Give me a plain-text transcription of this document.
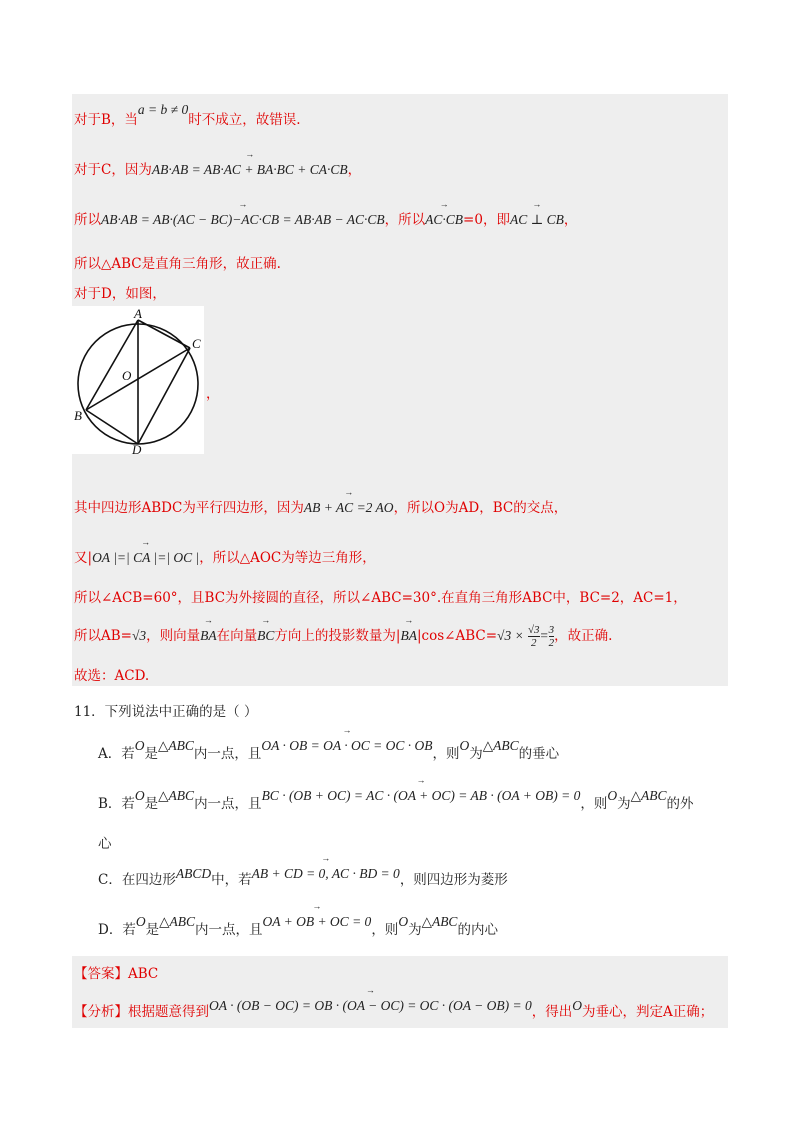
对于B，当a = b ≠ 0时不成立，故错误.
对于C，因为→ AB·AB = AB·AC + BA·BC + CA·CB，
所以→ AB·AB = AB·(AC − BC)−AC·CB = AB·AB − AC·CB，所以→ AC·CB=0，即→ AC ⊥ CB，
所以△ABC是直角三角形，故正确.
对于D，如图，
A
B
C
D
O
，
其中四边形ABDC为平行四边形，因为→ AB + AC =2 AO，所以O为AD，BC的交点，
又|→ OA |=| CA |=| OC |，所以△AOC为等边三角形，
所以∠ACB=60°，且BC为外接圆的直径，所以∠ABC=30°.在直角三角形ABC中，BC=2，AC=1，
所以AB=√3，则向量→ BA在向量→ BC方向上的投影数量为|→ BA|cos∠ABC=√3 × $\frac{√3}{2} = \frac{3}{2}$ ，故正确.
故选：ACD.
11．下列说法中正确的是（ ）
A．若O是△ABC内一点，且→ OA · OB = OA · OC = OC · OB，则O为△ABC的垂心
B．若O是△ABC内一点，且→ BC · (OB + OC) = AC · (OA + OC) = AB · (OA + OB) = 0，则O为△ABC的外
心
C．在四边形ABCD中，若→ AB + CD = 0, AC · BD = 0，则四边形为菱形
D．若O是△ABC内一点，且→ OA + OB + OC = 0，则O为△ABC的内心
【答案】ABC
【分析】根据题意得到→ OA · (OB − OC) = OB · (OA − OC) = OC · (OA − OB) = 0，得出O为垂心，判定A正确；
